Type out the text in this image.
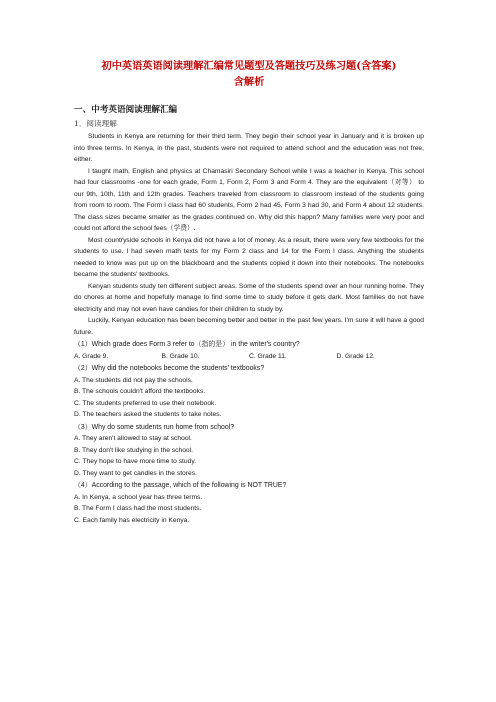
初中英语英语阅读理解汇编常见题型及答题技巧及练习题(含答案)
含解析
一、中考英语阅读理解汇编
1．阅读理解

Students in Kenya are returning for their third term. They begin their school year in January and it is broken up into three terms. In Kenya, in the past, students were not required to attend school and the education was not free, either.

I taught math, English and physics at Chamasiri Secondary School while I was a teacher in Kenya. This school had four classrooms ‐one for each grade, Form 1, Form 2, Form 3 and Form 4. They are the equivalent（对等） to our 9th, 10th, 11th and 12th grades. Teachers traveled from classroom to classroom instead of the students going from room to room. The Form I class had 60 students, Form 2 had 45, Form 3 had 30, and Form 4 about 12 students. The class sizes became smaller as the grades continued on. Why did this happn? Many families were very poor and could not afford the school fees（学费）.

Most countryside schools in Kenya did not have a lot of money. As a result, there were very few textbooks for the students to use. I had seven math texts for my Form 2 class and 14 for the Form I class. Anything the students needed to know was put up on the blackboard and the students copied it down into their notebooks. The notebooks became the students' textbooks.

Kenyan students study ten different subject areas. Some of the students spend over an hour running home. They do chores at home and hopefully manage to find some time to study before it gets dark. Most families do not have electricity and may not even have candies for their children to study by.

Luckily, Kenyan education has been becoming better and better in the past few years. I'm sure it will have a good future.

（1）Which grade does Form 3 refer to（指的是） in the writer's country?

A. Grade 9.	B. Grade 10.	C. Grade 11.	D. Grade 12.

（2）Why did the notebooks become the students' textbooks?

A. The students did not pay the schools.

B. The schools couldn't afford the textbooks.

C. The students preferred to use their notebook.

D. The teachers asked the students to take notes.

（3）Why do some students run home from school?

A. They aren't allowed to stay at school.

B. They don't like studying in the school.

C. They hope to have more time to study.

D. They want to get candles in the stores.

（4）According to the passage, which of the following is NOT TRUE?

A. In Kenya, a school year has three terms.

B. The Form I class had the most students.

C. Each family has electricity in Kenya.
